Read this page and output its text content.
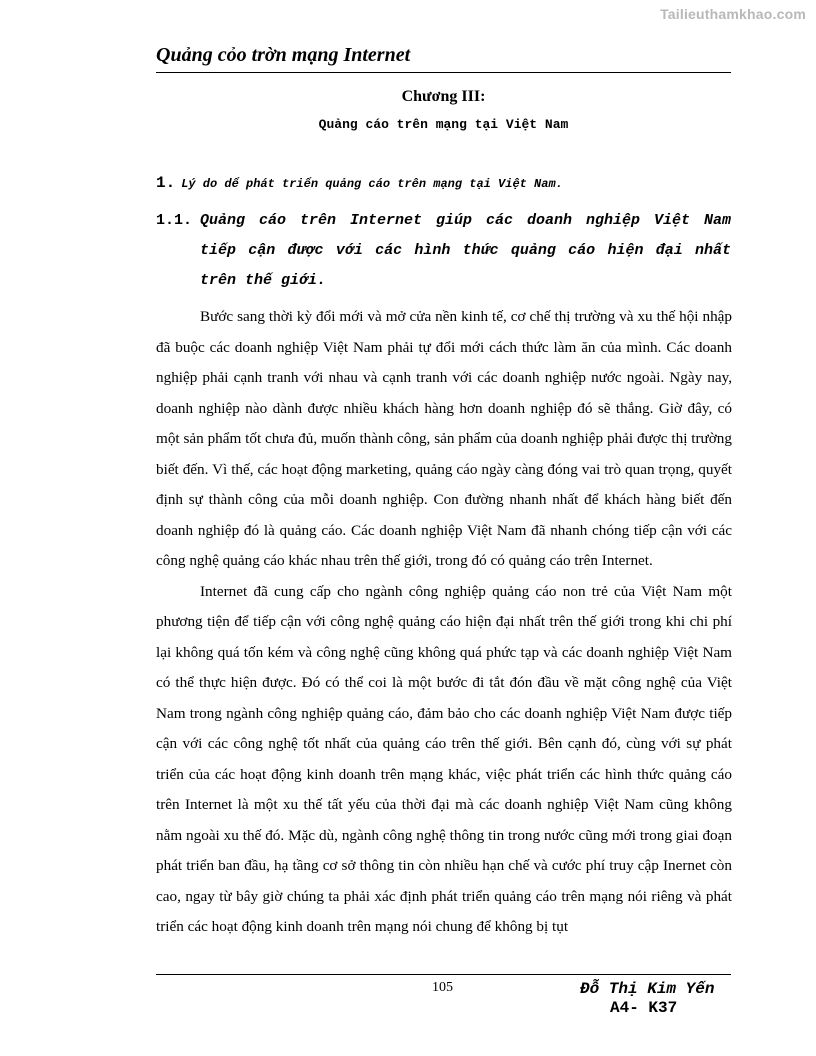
Tailieuthamkhao.com
Quảng cỏo trờn mạng Internet
Chương III:
Quảng cáo trên mạng tại Việt Nam
1. Lý do dể phát triển quảng cáo trên mạng tại Việt Nam.
1.1. Quảng cáo trên Internet giúp các doanh nghiệp Việt Nam tiếp cận được với các hình thức quảng cáo hiện đại nhất trên thế giới.

Bước sang thời kỳ đổi mới và mở cửa nền kinh tế, cơ chế thị trường và xu thế hội nhập đã buộc các doanh nghiệp Việt Nam phải tự đổi mới cách thức làm ăn của mình. Các doanh nghiệp phải cạnh tranh với nhau và cạnh tranh với các doanh nghiệp nước ngoài. Ngày nay, doanh nghiệp nào dành được nhiều khách hàng hơn doanh nghiệp đó sẽ thắng. Giờ đây, có một sản phẩm tốt chưa đủ, muốn thành công, sản phẩm của doanh nghiệp phải được thị trường biết đến. Vì thế, các hoạt động marketing, quảng cáo ngày càng đóng vai trò quan trọng, quyết định sự thành công của mỗi doanh nghiệp. Con đường nhanh nhất để khách hàng biết đến doanh nghiệp đó là quảng cáo. Các doanh nghiệp Việt Nam đã nhanh chóng tiếp cận với các công nghệ quảng cáo khác nhau trên thế giới, trong đó có quảng cáo trên Internet.

Internet đã cung cấp cho ngành công nghiệp quảng cáo non trẻ của Việt Nam một phương tiện để tiếp cận với công nghệ quảng cáo hiện đại nhất trên thế giới trong khi chi phí lại không quá tốn kém và công nghệ cũng không quá phức tạp và các doanh nghiệp Việt Nam có thể thực hiện được. Đó có thể coi là một bước đi tắt đón đầu về mặt công nghệ của Việt Nam trong ngành công nghiệp quảng cáo, đảm bảo cho các doanh nghiệp Việt Nam được tiếp cận với các công nghệ tốt nhất của quảng cáo trên thế giới. Bên cạnh đó, cùng với sự phát triển của các hoạt động kinh doanh trên mạng khác, việc phát triển các hình thức quảng cáo trên Internet là một xu thế tất yếu của thời đại mà các doanh nghiệp Việt Nam cũng không nằm ngoài xu thế đó. Mặc dù, ngành công nghệ thông tin trong nước cũng mới trong giai đoạn phát triển ban đầu, hạ tầng cơ sở thông tin còn nhiều hạn chế và cước phí truy cập Inernet còn cao, ngay từ bây giờ chúng ta phải xác định phát triển quảng cáo trên mạng nói riêng và phát triển các hoạt động kinh doanh trên mạng nói chung để không bị tụt

105	Đỗ Thị Kim Yến
A4- K37
